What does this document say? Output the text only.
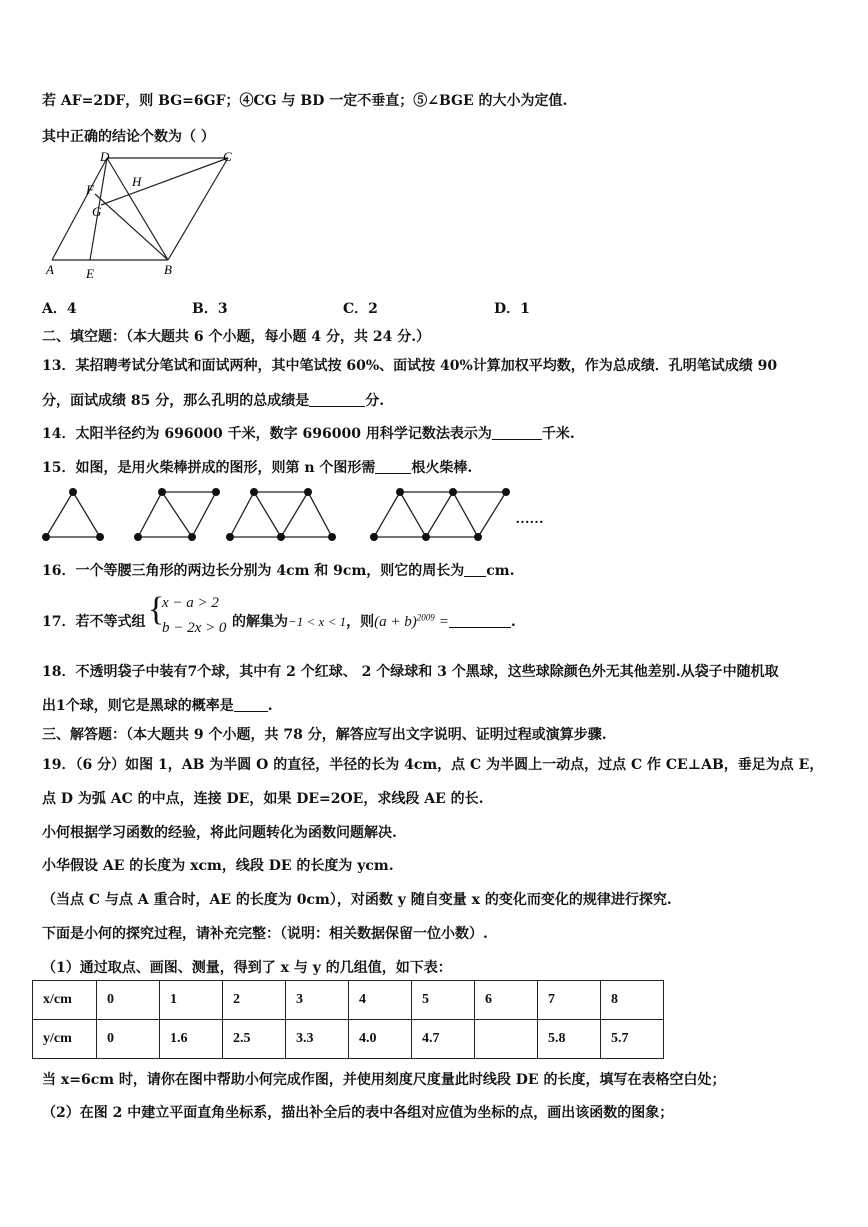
若 AF=2DF，则 BG=6GF；④CG 与 BD 一定不垂直；⑤∠BGE 的大小为定值.
其中正确的结论个数为（ ）
D	C
F
H
G
A E	B
A．4	B．3	C．2	D．1
二、填空题：（本大题共 6 个小题，每小题 4 分，共 24 分.）
13．某招聘考试分笔试和面试两种，其中笔试按 60%、面试按 40%计算加权平均数，作为总成绩．孔明笔试成绩 90
分，面试成绩 85 分，那么孔明的总成绩是	分.
14．太阳半径约为 696000 千米，数字 696000 用科学记数法表示为	千米.
15．如图，是用火柴棒拼成的图形，则第 n 个图形需	根火柴棒.
……
16．一个等腰三角形的两边长分别为 4cm 和 9cm，则它的周长为 cm.
17．若不等式组 {
x − a > 2
b − 2x > 0 的解集为−1 < x < 1，则$(a + b)^{2009}$ =	.
18．不透明袋子中装有7个球，其中有 2 个红球、 2 个绿球和 3 个黑球，这些球除颜色外无其他差别.从袋子中随机取
出1个球，则它是黑球的概率是 .
三、解答题：（本大题共 9 个小题，共 78 分，解答应写出文字说明、证明过程或演算步骤.
19．（6 分）如图 1，AB 为半圆 O 的直径，半径的长为 4cm，点 C 为半圆上一动点，过点 C 作 CE⊥AB，垂足为点 E，
点 D 为弧 AC 的中点，连接 DE，如果 DE=2OE，求线段 AE 的长.
小何根据学习函数的经验，将此问题转化为函数问题解决.
小华假设 AE 的长度为 xcm，线段 DE 的长度为 ycm.
（当点 C 与点 A 重合时，AE 的长度为 0cm），对函数 y 随自变量 x 的变化而变化的规律进行探究.
下面是小何的探究过程，请补充完整：（说明：相关数据保留一位小数）.
（1）通过取点、画图、测量，得到了 x 与 y 的几组值，如下表：
x/cm	0	1	2	3	4	5	6	7	8
y/cm	0	1.6	2.5	3.3	4.0	4.7		5.8	5.7
当 x=6cm 时，请你在图中帮助小何完成作图，并使用刻度尺度量此时线段 DE 的长度，填写在表格空白处；
（2）在图 2 中建立平面直角坐标系，描出补全后的表中各组对应值为坐标的点，画出该函数的图象；
